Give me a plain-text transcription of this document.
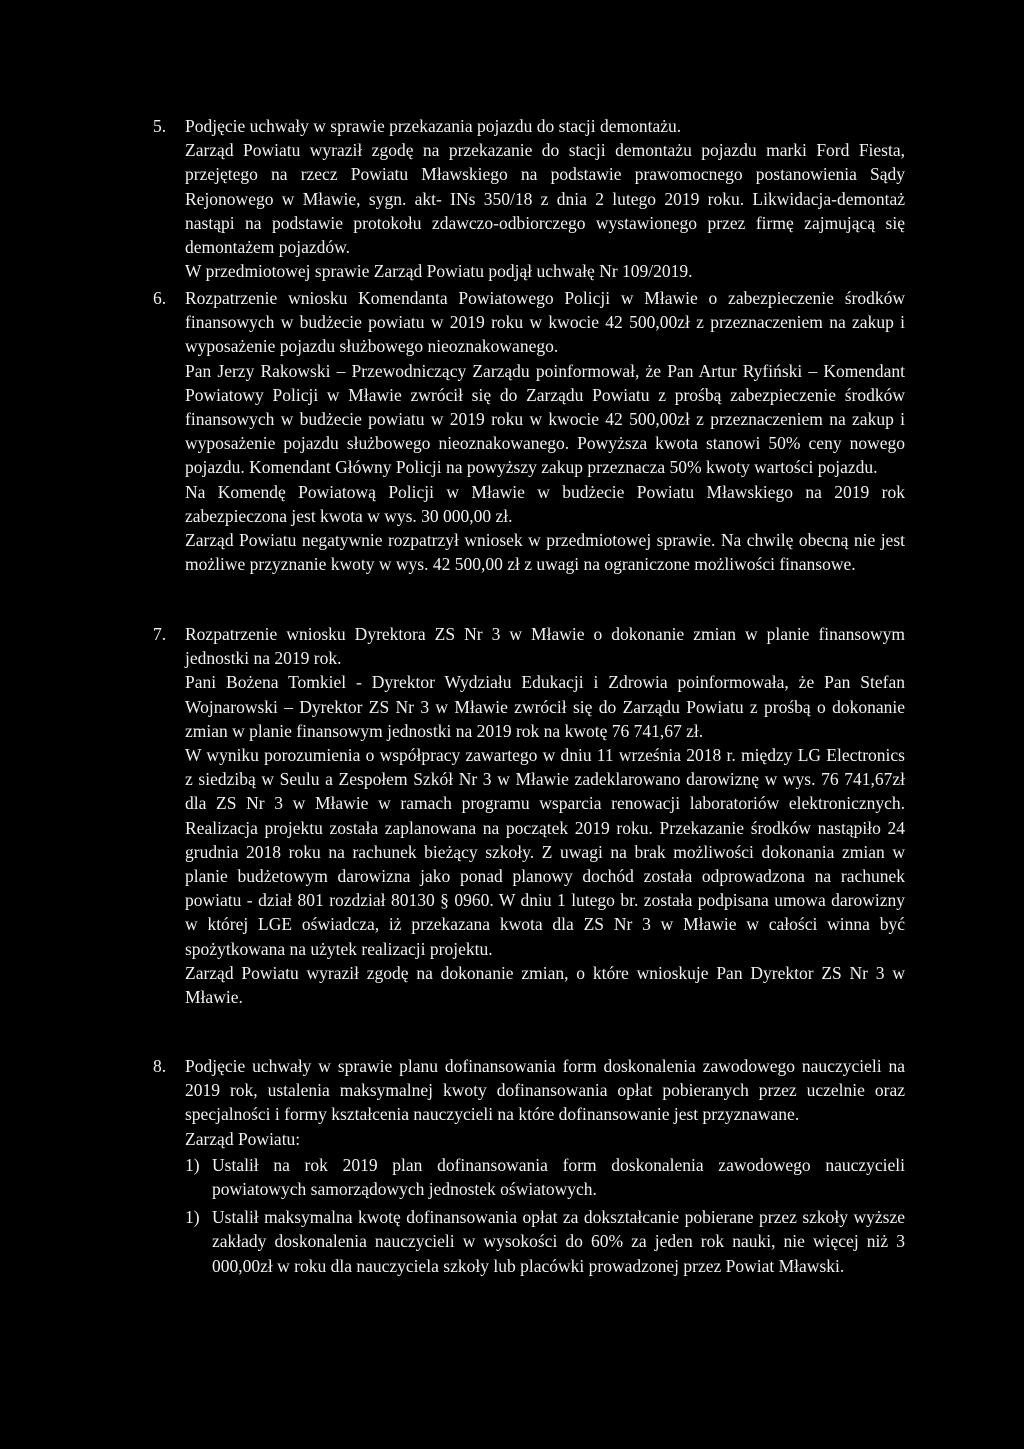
5. Podjęcie uchwały w sprawie przekazania pojazdu do stacji demontażu.

Zarząd Powiatu wyraził zgodę na przekazanie do stacji demontażu pojazdu marki Ford Fiesta, przejętego na rzecz Powiatu Mławskiego na podstawie prawomocnego postanowienia Sądy Rejonowego w Mławie, sygn. akt- INs 350/18 z dnia 2 lutego 2019 roku. Likwidacja-demontaż nastąpi na podstawie protokołu zdawczo-odbiorczego wystawionego przez firmę zajmującą się demontażem pojazdów.

W przedmiotowej sprawie Zarząd Powiatu podjął uchwałę Nr 109/2019.

6. Rozpatrzenie wniosku Komendanta Powiatowego Policji w Mławie o zabezpieczenie środków finansowych w budżecie powiatu w 2019 roku w kwocie 42 500,00zł z przeznaczeniem na zakup i wyposażenie pojazdu służbowego nieoznakowanego.

Pan Jerzy Rakowski – Przewodniczący Zarządu poinformował, że Pan Artur Ryfiński – Komendant Powiatowy Policji w Mławie zwrócił się do Zarządu Powiatu z prośbą zabezpieczenie środków finansowych w budżecie powiatu w 2019 roku w kwocie 42 500,00zł z przeznaczeniem na zakup i wyposażenie pojazdu służbowego nieoznakowanego. Powyższa kwota stanowi 50% ceny nowego pojazdu. Komendant Główny Policji na powyższy zakup przeznacza 50% kwoty wartości pojazdu.

Na Komendę Powiatową Policji w Mławie w budżecie Powiatu Mławskiego na 2019 rok zabezpieczona jest kwota w wys. 30 000,00 zł.

Zarząd Powiatu negatywnie rozpatrzył wniosek w przedmiotowej sprawie. Na chwilę obecną nie jest możliwe przyznanie kwoty w wys. 42 500,00 zł z uwagi na ograniczone możliwości finansowe.

7. Rozpatrzenie wniosku Dyrektora ZS Nr 3 w Mławie o dokonanie zmian w planie finansowym jednostki na 2019 rok.

Pani Bożena Tomkiel - Dyrektor Wydziału Edukacji i Zdrowia poinformowała, że Pan Stefan Wojnarowski – Dyrektor ZS Nr 3 w Mławie zwrócił się do Zarządu Powiatu z prośbą o dokonanie zmian w planie finansowym jednostki na 2019 rok na kwotę 76 741,67 zł.

W wyniku porozumienia o współpracy zawartego w dniu 11 września 2018 r. między LG Electronics z siedzibą w Seulu a Zespołem Szkół Nr 3 w Mławie zadeklarowano darowiznę w wys. 76 741,67zł dla ZS Nr 3 w Mławie w ramach programu wsparcia renowacji laboratoriów elektronicznych. Realizacja projektu została zaplanowana na początek 2019 roku. Przekazanie środków nastąpiło 24 grudnia 2018 roku na rachunek bieżący szkoły. Z uwagi na brak możliwości dokonania zmian w planie budżetowym darowizna jako ponad planowy dochód została odprowadzona na rachunek powiatu - dział 801 rozdział 80130 § 0960. W dniu 1 lutego br. została podpisana umowa darowizny w której LGE oświadcza, iż przekazana kwota dla ZS Nr 3 w Mławie w całości winna być spożytkowana na użytek realizacji projektu.

Zarząd Powiatu wyraził zgodę na dokonanie zmian, o które wnioskuje Pan Dyrektor ZS Nr 3 w Mławie.

8. Podjęcie uchwały w sprawie planu dofinansowania form doskonalenia zawodowego nauczycieli na 2019 rok, ustalenia maksymalnej kwoty dofinansowania opłat pobieranych przez uczelnie oraz specjalności i formy kształcenia nauczycieli na które dofinansowanie jest przyznawane.

Zarząd Powiatu:

1) Ustalił na rok 2019 plan dofinansowania form doskonalenia zawodowego nauczycieli powiatowych samorządowych jednostek oświatowych.

1) Ustalił maksymalna kwotę dofinansowania opłat za dokształcanie pobierane przez szkoły wyższe zakłady doskonalenia nauczycieli w wysokości do 60% za jeden rok nauki, nie więcej niż 3 000,00zł w roku dla nauczyciela szkoły lub placówki prowadzonej przez Powiat Mławski.
